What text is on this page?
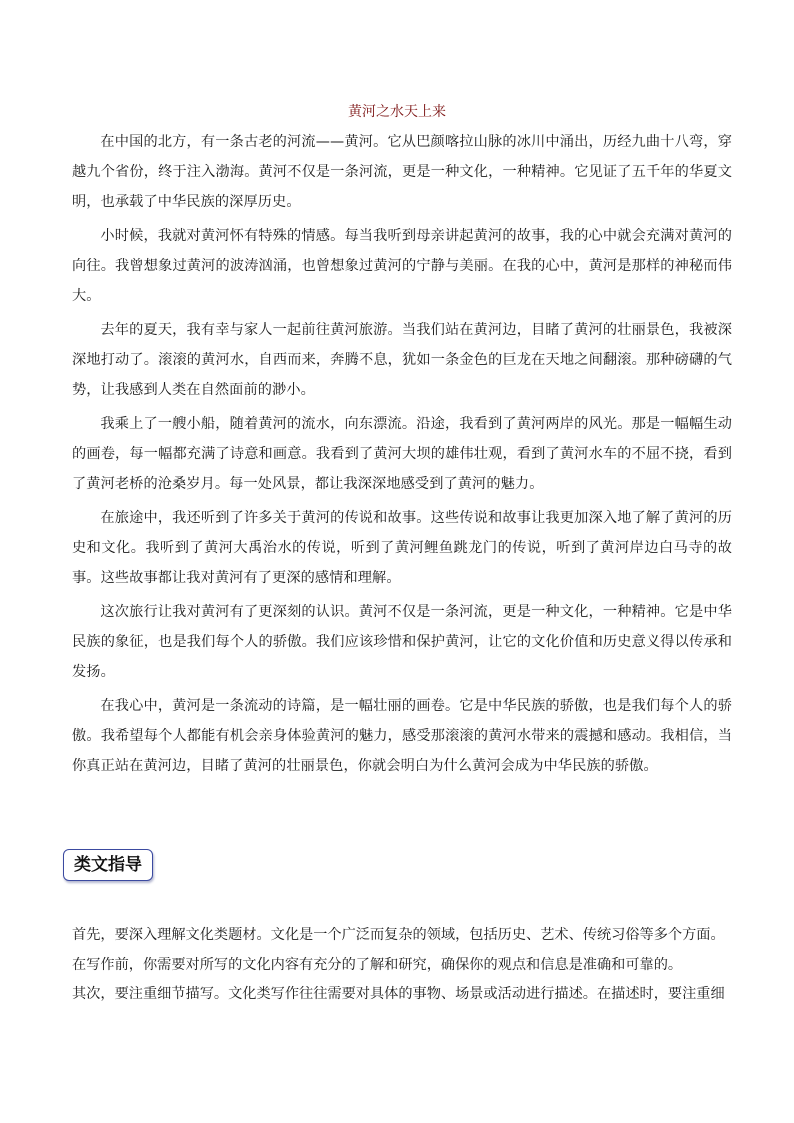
黄河之水天上来

在中国的北方，有一条古老的河流——黄河。它从巴颜喀拉山脉的冰川中涌出，历经九曲十八弯，穿越九个省份，终于注入渤海。黄河不仅是一条河流，更是一种文化，一种精神。它见证了五千年的华夏文明，也承载了中华民族的深厚历史。

小时候，我就对黄河怀有特殊的情感。每当我听到母亲讲起黄河的故事，我的心中就会充满对黄河的向往。我曾想象过黄河的波涛汹涌，也曾想象过黄河的宁静与美丽。在我的心中，黄河是那样的神秘而伟大。

去年的夏天，我有幸与家人一起前往黄河旅游。当我们站在黄河边，目睹了黄河的壮丽景色，我被深深地打动了。滚滚的黄河水，自西而来，奔腾不息，犹如一条金色的巨龙在天地之间翻滚。那种磅礴的气势，让我感到人类在自然面前的渺小。

我乘上了一艘小船，随着黄河的流水，向东漂流。沿途，我看到了黄河两岸的风光。那是一幅幅生动的画卷，每一幅都充满了诗意和画意。我看到了黄河大坝的雄伟壮观，看到了黄河水车的不屈不挠，看到了黄河老桥的沧桑岁月。每一处风景，都让我深深地感受到了黄河的魅力。

在旅途中，我还听到了许多关于黄河的传说和故事。这些传说和故事让我更加深入地了解了黄河的历史和文化。我听到了黄河大禹治水的传说，听到了黄河鲤鱼跳龙门的传说，听到了黄河岸边白马寺的故事。这些故事都让我对黄河有了更深的感情和理解。

这次旅行让我对黄河有了更深刻的认识。黄河不仅是一条河流，更是一种文化，一种精神。它是中华民族的象征，也是我们每个人的骄傲。我们应该珍惜和保护黄河，让它的文化价值和历史意义得以传承和发扬。

在我心中，黄河是一条流动的诗篇，是一幅壮丽的画卷。它是中华民族的骄傲，也是我们每个人的骄傲。我希望每个人都能有机会亲身体验黄河的魅力，感受那滚滚的黄河水带来的震撼和感动。我相信，当你真正站在黄河边，目睹了黄河的壮丽景色，你就会明白为什么黄河会成为中华民族的骄傲。

类文指导

首先，要深入理解文化类题材。文化是一个广泛而复杂的领域，包括历史、艺术、传统习俗等多个方面。

在写作前，你需要对所写的文化内容有充分的了解和研究，确保你的观点和信息是准确和可靠的。

其次，要注重细节描写。文化类写作往往需要对具体的事物、场景或活动进行描述。在描述时，要注重细
